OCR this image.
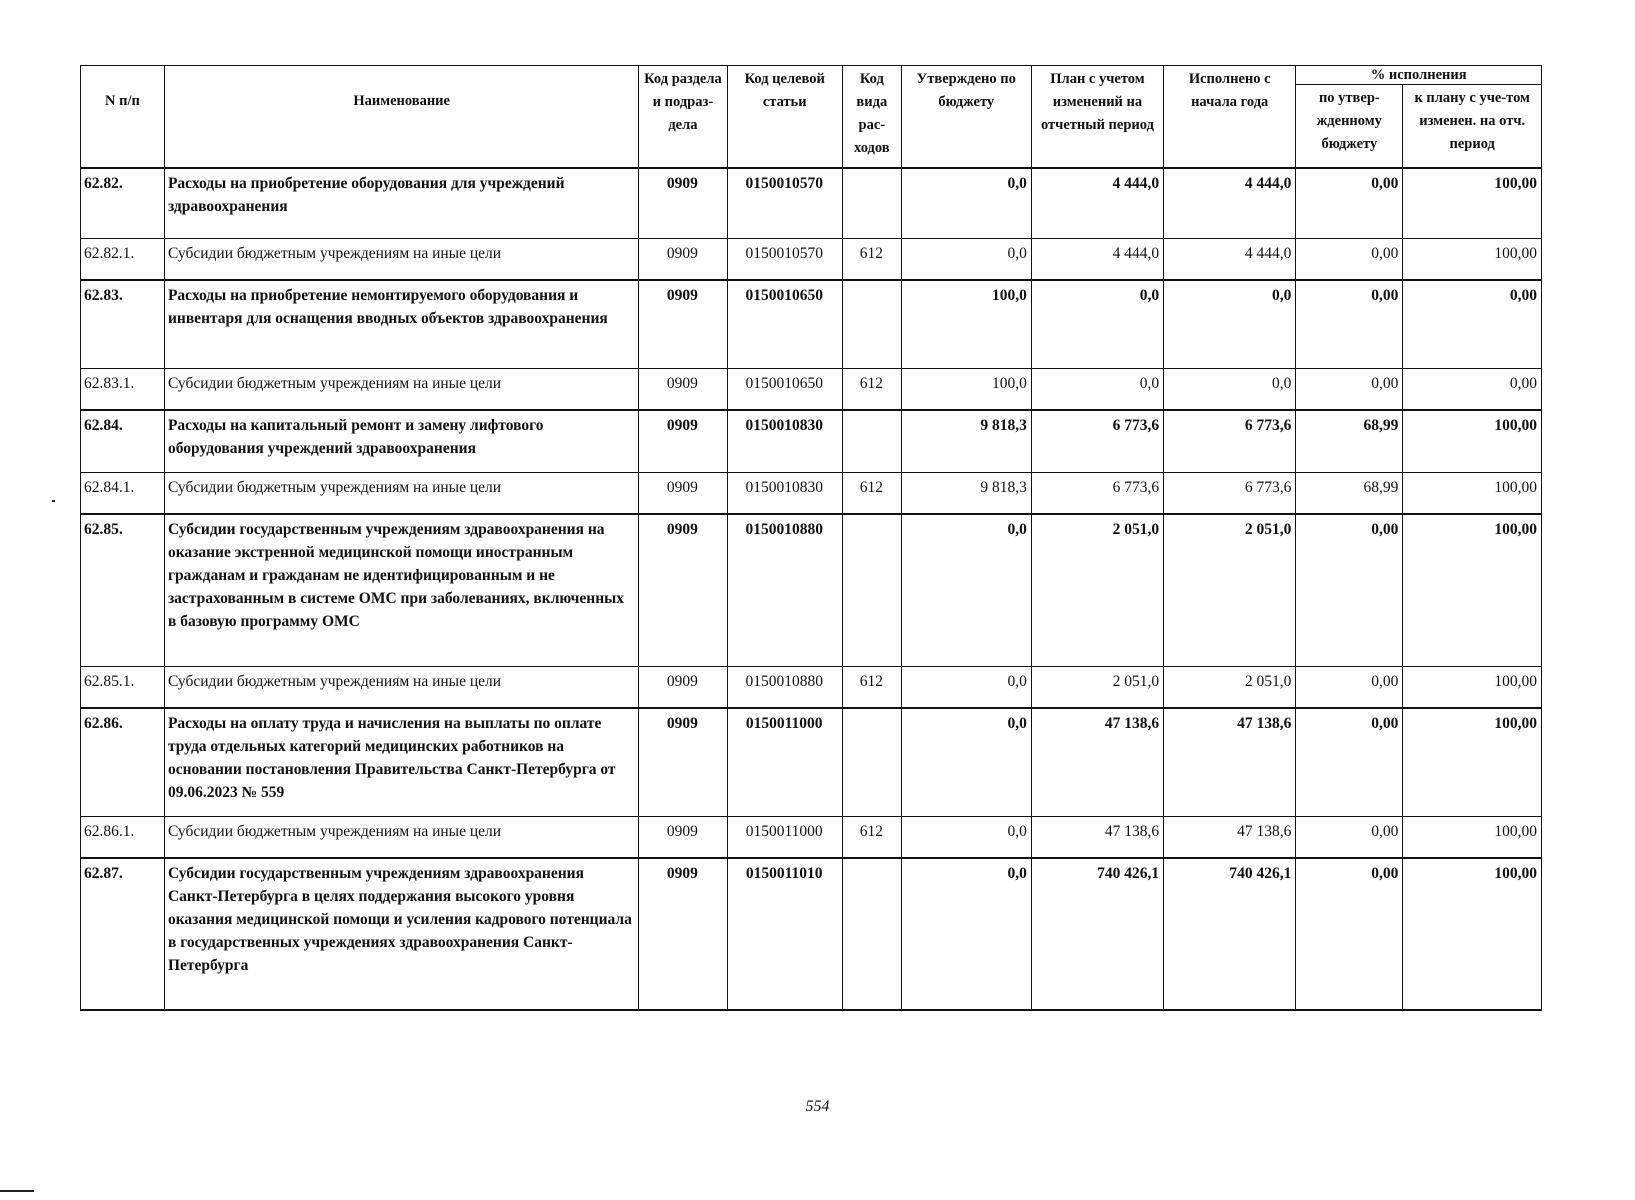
N п/п	Наименование	Код раздела и подраз-дела	Код целевой статьи	Код вида рас-ходов	Утверждено по бюджету	План с учетом изменений на отчетный период	Исполнено с начала года	% исполнения	
								по утвер-жденному бюджету	к плану с уче-том изменен. на отч. период
62.82.	Расходы на приобретение оборудования для учреждений здравоохранения	0909	0150010570		0,0	4 444,0	4 444,0	0,00	100,00
62.82.1.	Субсидии бюджетным учреждениям на иные цели	0909	0150010570	612	0,0	4 444,0	4 444,0	0,00	100,00
62.83.	Расходы на приобретение немонтируемого оборудования и инвентаря для оснащения вводных объектов здравоохранения	0909	0150010650		100,0	0,0	0,0	0,00	0,00
62.83.1.	Субсидии бюджетным учреждениям на иные цели	0909	0150010650	612	100,0	0,0	0,0	0,00	0,00
62.84.	Расходы на капитальный ремонт и замену лифтового оборудования учреждений здравоохранения	0909	0150010830		9 818,3	6 773,6	6 773,6	68,99	100,00
62.84.1.	Субсидии бюджетным учреждениям на иные цели	0909	0150010830	612	9 818,3	6 773,6	6 773,6	68,99	100,00
62.85.	Субсидии государственным учреждениям здравоохранения на оказание экстренной медицинской помощи иностранным гражданам и гражданам не идентифицированным и не застрахованным в системе ОМС при заболеваниях, включенных в базовую программу ОМС	0909	0150010880		0,0	2 051,0	2 051,0	0,00	100,00
62.85.1.	Субсидии бюджетным учреждениям на иные цели	0909	0150010880	612	0,0	2 051,0	2 051,0	0,00	100,00
62.86.	Расходы на оплату труда и начисления на выплаты по оплате труда отдельных категорий медицинских работников на основании постановления Правительства Санкт-Петербурга от 09.06.2023 № 559	0909	0150011000		0,0	47 138,6	47 138,6	0,00	100,00
62.86.1.	Субсидии бюджетным учреждениям на иные цели	0909	0150011000	612	0,0	47 138,6	47 138,6	0,00	100,00
62.87.	Субсидии государственным учреждениям здравоохранения Санкт-Петербурга в целях поддержания высокого уровня оказания медицинской помощи и усиления кадрового потенциала в государственных учреждениях здравоохранения Санкт-Петербурга	0909	0150011010		0,0	740 426,1	740 426,1	0,00	100,00
554
